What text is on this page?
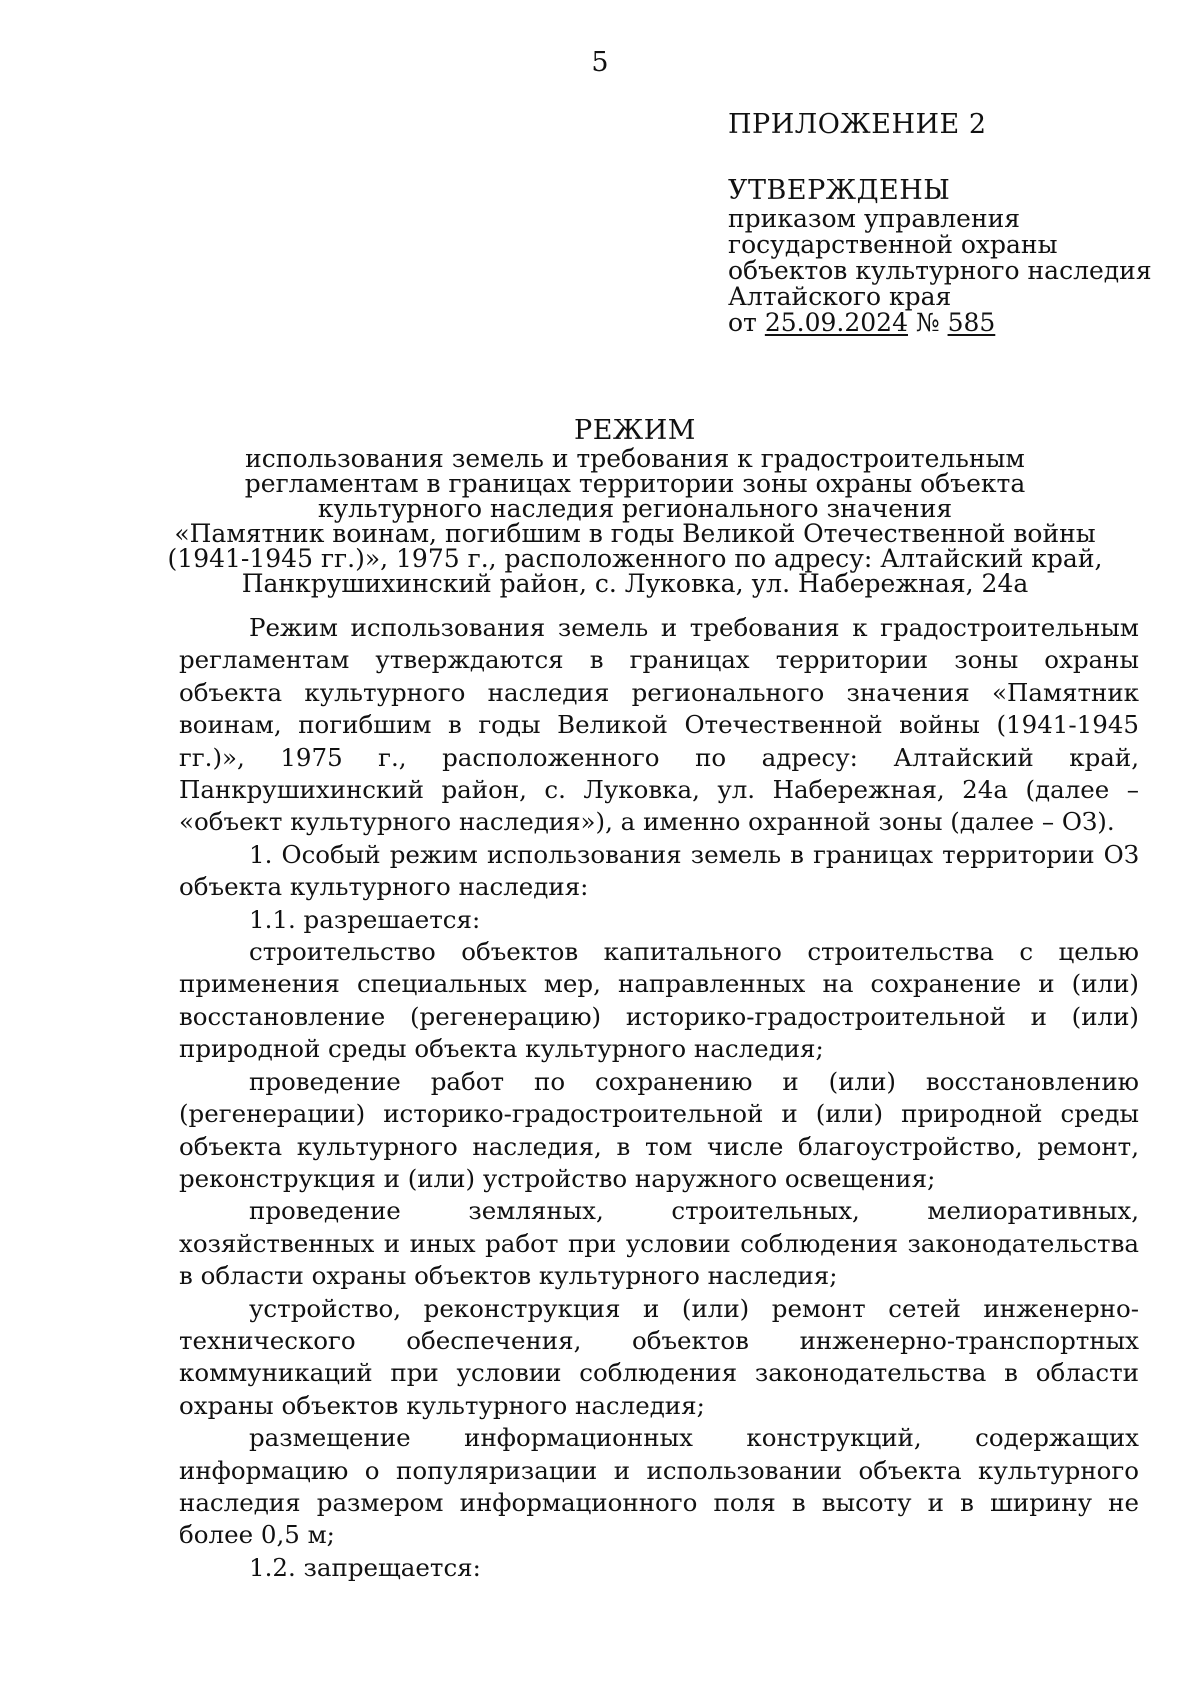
5
ПРИЛОЖЕНИЕ 2
УТВЕРЖДЕНЫ
приказом управления
государственной охраны
объектов культурного наследия
Алтайского края
от 25.09.2024 № 585
РЕЖИМ
использования земель и требования к градостроительным
регламентам в границах территории зоны охраны объекта
культурного наследия регионального значения
«Памятник воинам, погибшим в годы Великой Отечественной войны
(1941-1945 гг.)», 1975 г., расположенного по адресу: Алтайский край,
Панкрушихинский район, с. Луковка, ул. Набережная, 24а

Режим использования земель и требования к градостроительным регламентам утверждаются в границах территории зоны охраны объекта культурного наследия регионального значения «Памятник воинам, погибшим в годы Великой Отечественной войны (1941-1945 гг.)», 1975 г., расположенного по адресу: Алтайский край, Панкрушихинский район, с. Луковка, ул. Набережная, 24а (далее – «объект культурного наследия»), а именно охранной зоны (далее – ОЗ).

1. Особый режим использования земель в границах территории ОЗ объекта культурного наследия:

1.1. разрешается:

строительство объектов капитального строительства с целью применения специальных мер, направленных на сохранение и (или) восстановление (регенерацию) историко-градостроительной и (или) природной среды объекта культурного наследия;

проведение работ по сохранению и (или) восстановлению (регенерации) историко-градостроительной и (или) природной среды объекта культурного наследия, в том числе благоустройство, ремонт, реконструкция и (или) устройство наружного освещения;

проведение земляных, строительных, мелиоративных, хозяйственных и иных работ при условии соблюдения законодательства в области охраны объектов культурного наследия;

устройство, реконструкция и (или) ремонт сетей инженерно-технического обеспечения, объектов инженерно-транспортных коммуникаций при условии соблюдения законодательства в области охраны объектов культурного наследия;

размещение информационных конструкций, содержащих информацию о популяризации и использовании объекта культурного наследия размером информационного поля в высоту и в ширину не более 0,5 м;

1.2. запрещается:
